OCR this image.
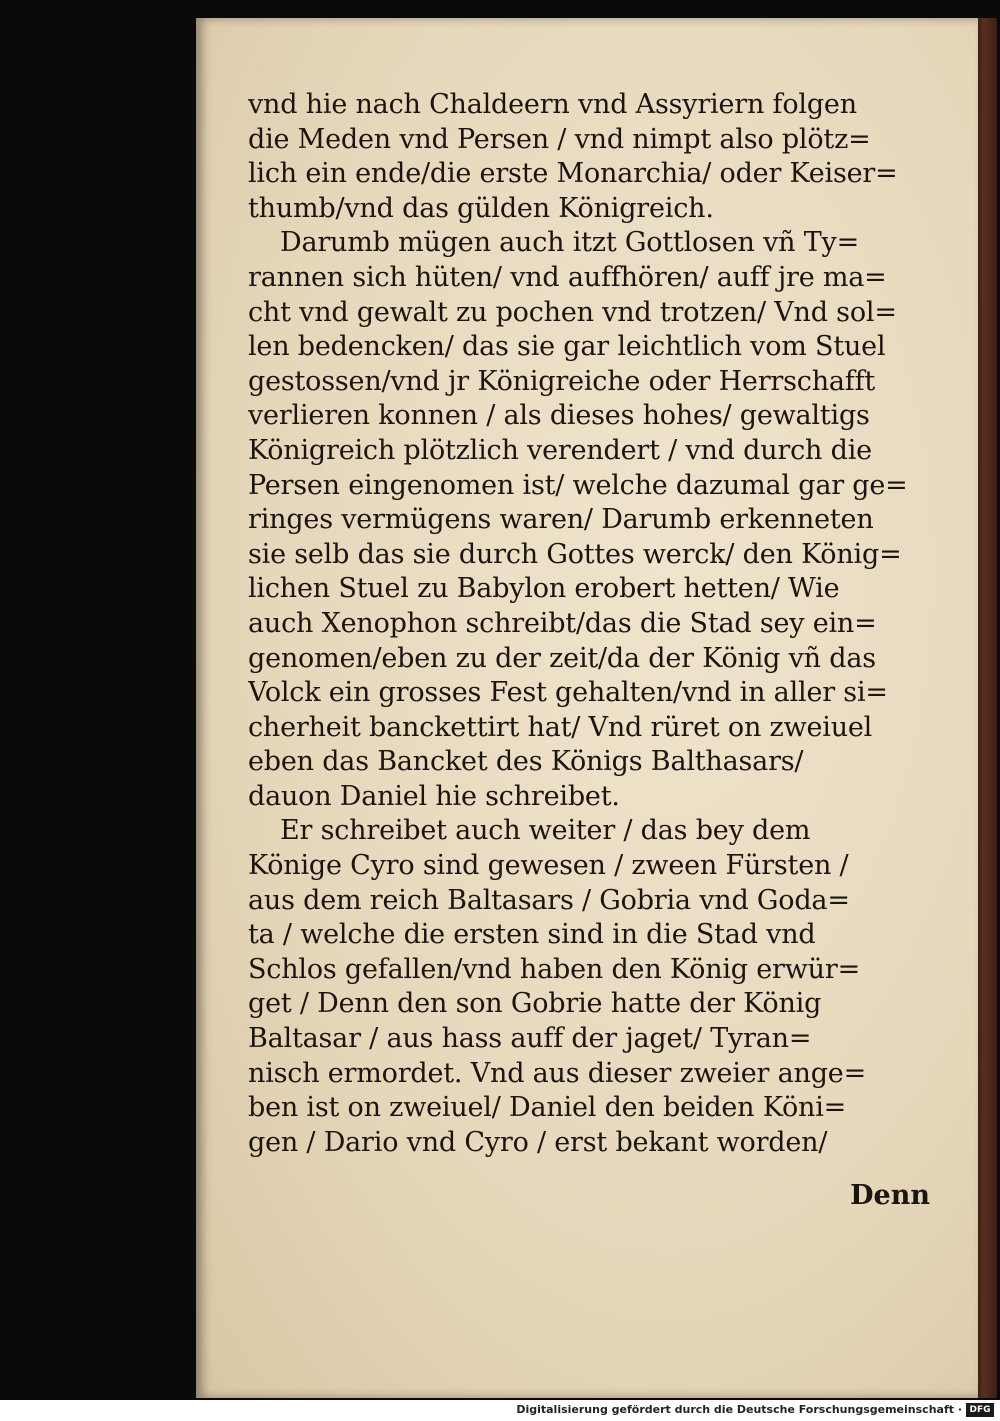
vnd hie nach Chaldeern vnd Assyriern folgen
die Meden vnd Persen / vnd nimpt also plötz=
lich ein ende/die erste Monarchia/ oder Keiser=
thumb/vnd das gülden Königreich.
Darumb mügen auch itzt Gottlosen vñ Ty=
rannen sich hüten/ vnd auffhören/ auff jre ma=
cht vnd gewalt zu pochen vnd trotzen/ Vnd sol=
len bedencken/ das sie gar leichtlich vom Stuel
gestossen/vnd jr Königreiche oder Herrschafft
verlieren konnen / als dieses hohes/ gewaltigs
Königreich plötzlich verendert / vnd durch die
Persen eingenomen ist/ welche dazumal gar ge=
ringes vermügens waren/ Darumb erkenneten
sie selb das sie durch Gottes werck/ den König=
lichen Stuel zu Babylon erobert hetten/ Wie
auch Xenophon schreibt/das die Stad sey ein=
genomen/eben zu der zeit/da der König vñ das
Volck ein grosses Fest gehalten/vnd in aller si=
cherheit banckettirt hat/ Vnd rüret on zweiuel
eben das Bancket des Königs Balthasars/
dauon Daniel hie schreibet.
Er schreibet auch weiter / das bey dem
Könige Cyro sind gewesen / zween Fürsten /
aus dem reich Baltasars / Gobria vnd Goda=
ta / welche die ersten sind in die Stad vnd
Schlos gefallen/vnd haben den König erwür=
get / Denn den son Gobrie hatte der König
Baltasar / aus hass auff der jaget/ Tyran=
nisch ermordet. Vnd aus dieser zweier ange=
ben ist on zweiuel/ Daniel den beiden Köni=
gen / Dario vnd Cyro / erst bekant worden/
Denn
Digitalisierung gefördert durch die Deutsche Forschungsgemeinschaft · DFG
